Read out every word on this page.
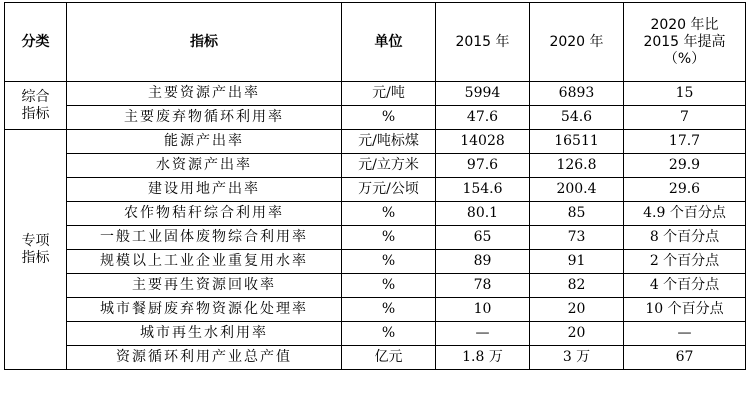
分类	指标	单位	2015 年	2020 年	2020 年比
2015 年提高
（%）

综合
指标	主要资源产出率	元/吨	5994	6893	15
	主要废弃物循环利用率	%	47.6	54.6	7

专项
指标	能源产出率	元/吨标煤	14028	16511	17.7
	水资源产出率	元/立方米	97.6	126.8	29.9
	建设用地产出率	万元/公顷	154.6	200.4	29.6
	农作物秸秆综合利用率	%	80.1	85	4.9 个百分点
	一般工业固体废物综合利用率	%	65	73	8 个百分点
	规模以上工业企业重复用水率	%	89	91	2 个百分点
	主要再生资源回收率	%	78	82	4 个百分点
	城市餐厨废弃物资源化处理率	%	10	20	10 个百分点
	城市再生水利用率	%	—	20	—
	资源循环利用产业总产值	亿元	1.8 万	3 万	67
